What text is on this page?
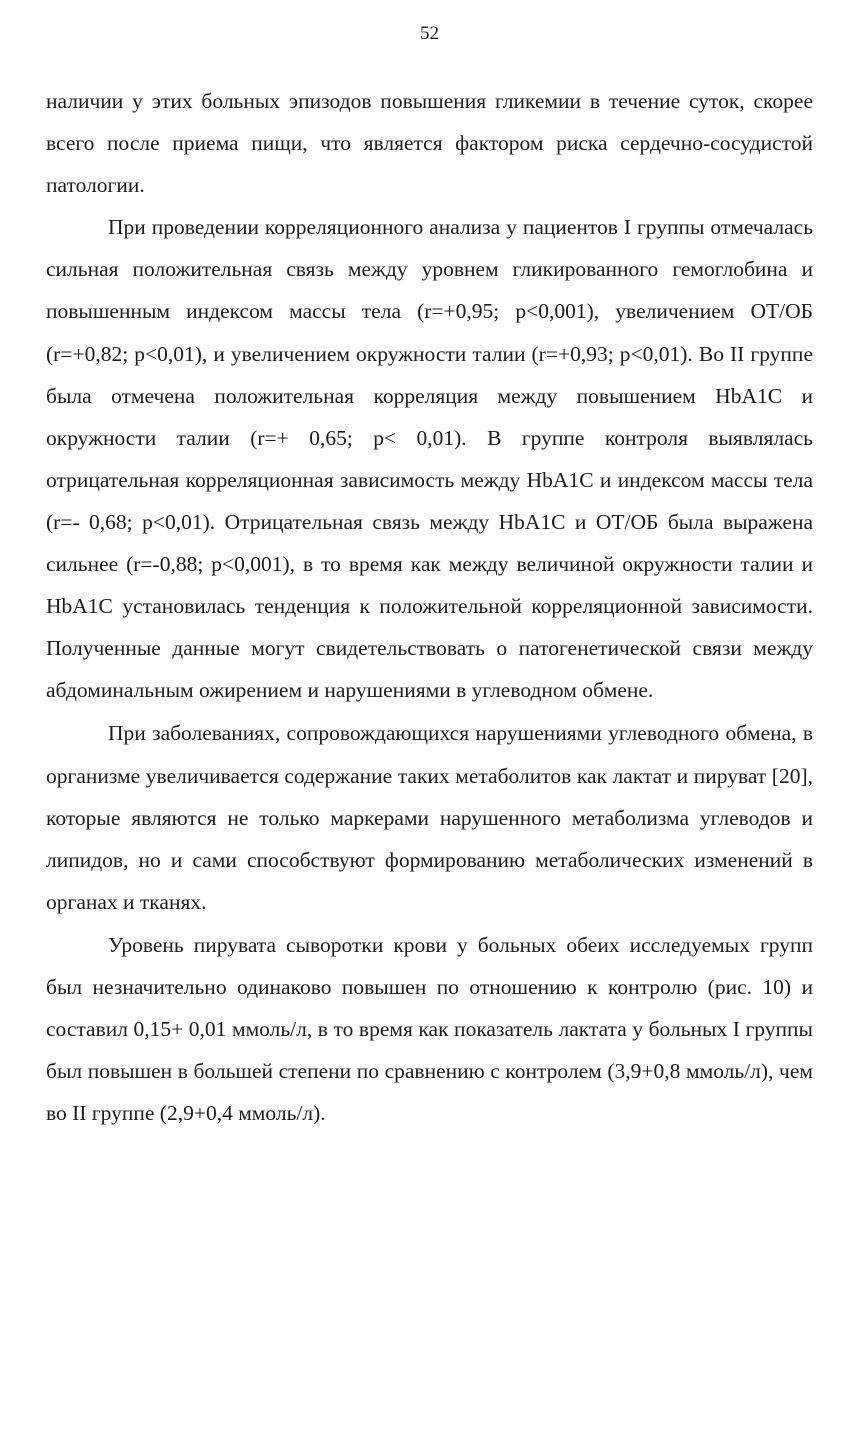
52

наличии у этих больных эпизодов повышения гликемии в течение суток, скорее всего после приема пищи, что является фактором риска сердечно-сосудистой патологии.

При проведении корреляционного анализа у пациентов I группы отмечалась сильная положительная связь между уровнем гликированного гемоглобина и повышенным индексом массы тела (r=+0,95; p<0,001), увеличением ОТ/ОБ (r=+0,82; p<0,01), и увеличением окружности талии (r=+0,93; p<0,01). Во II группе была отмечена положительная корреляция между повышением HbA1C и окружности талии (r=+ 0,65; p< 0,01). В группе контроля выявлялась отрицательная корреляционная зависимость между HbA1C и индексом массы тела (r=- 0,68; p<0,01). Отрицательная связь между HbA1C и ОТ/ОБ была выражена сильнее (r=-0,88; p<0,001), в то время как между величиной окружности талии и HbA1C установилась тенденция к положительной корреляционной зависимости. Полученные данные могут свидетельствовать о патогенетической связи между абдоминальным ожирением и нарушениями в углеводном обмене.

При заболеваниях, сопровождающихся нарушениями углеводного обмена, в организме увеличивается содержание таких метаболитов как лактат и пируват [20], которые являются не только маркерами нарушенного метаболизма углеводов и липидов, но и сами способствуют формированию метаболических изменений в органах и тканях.

Уровень пирувата сыворотки крови у больных обеих исследуемых групп был незначительно одинаково повышен по отношению к контролю (рис. 10) и составил 0,15+ 0,01 ммоль/л, в то время как показатель лактата у больных I группы был повышен в большей степени по сравнению с контролем (3,9+0,8 ммоль/л), чем во II группе (2,9+0,4 ммоль/л).
